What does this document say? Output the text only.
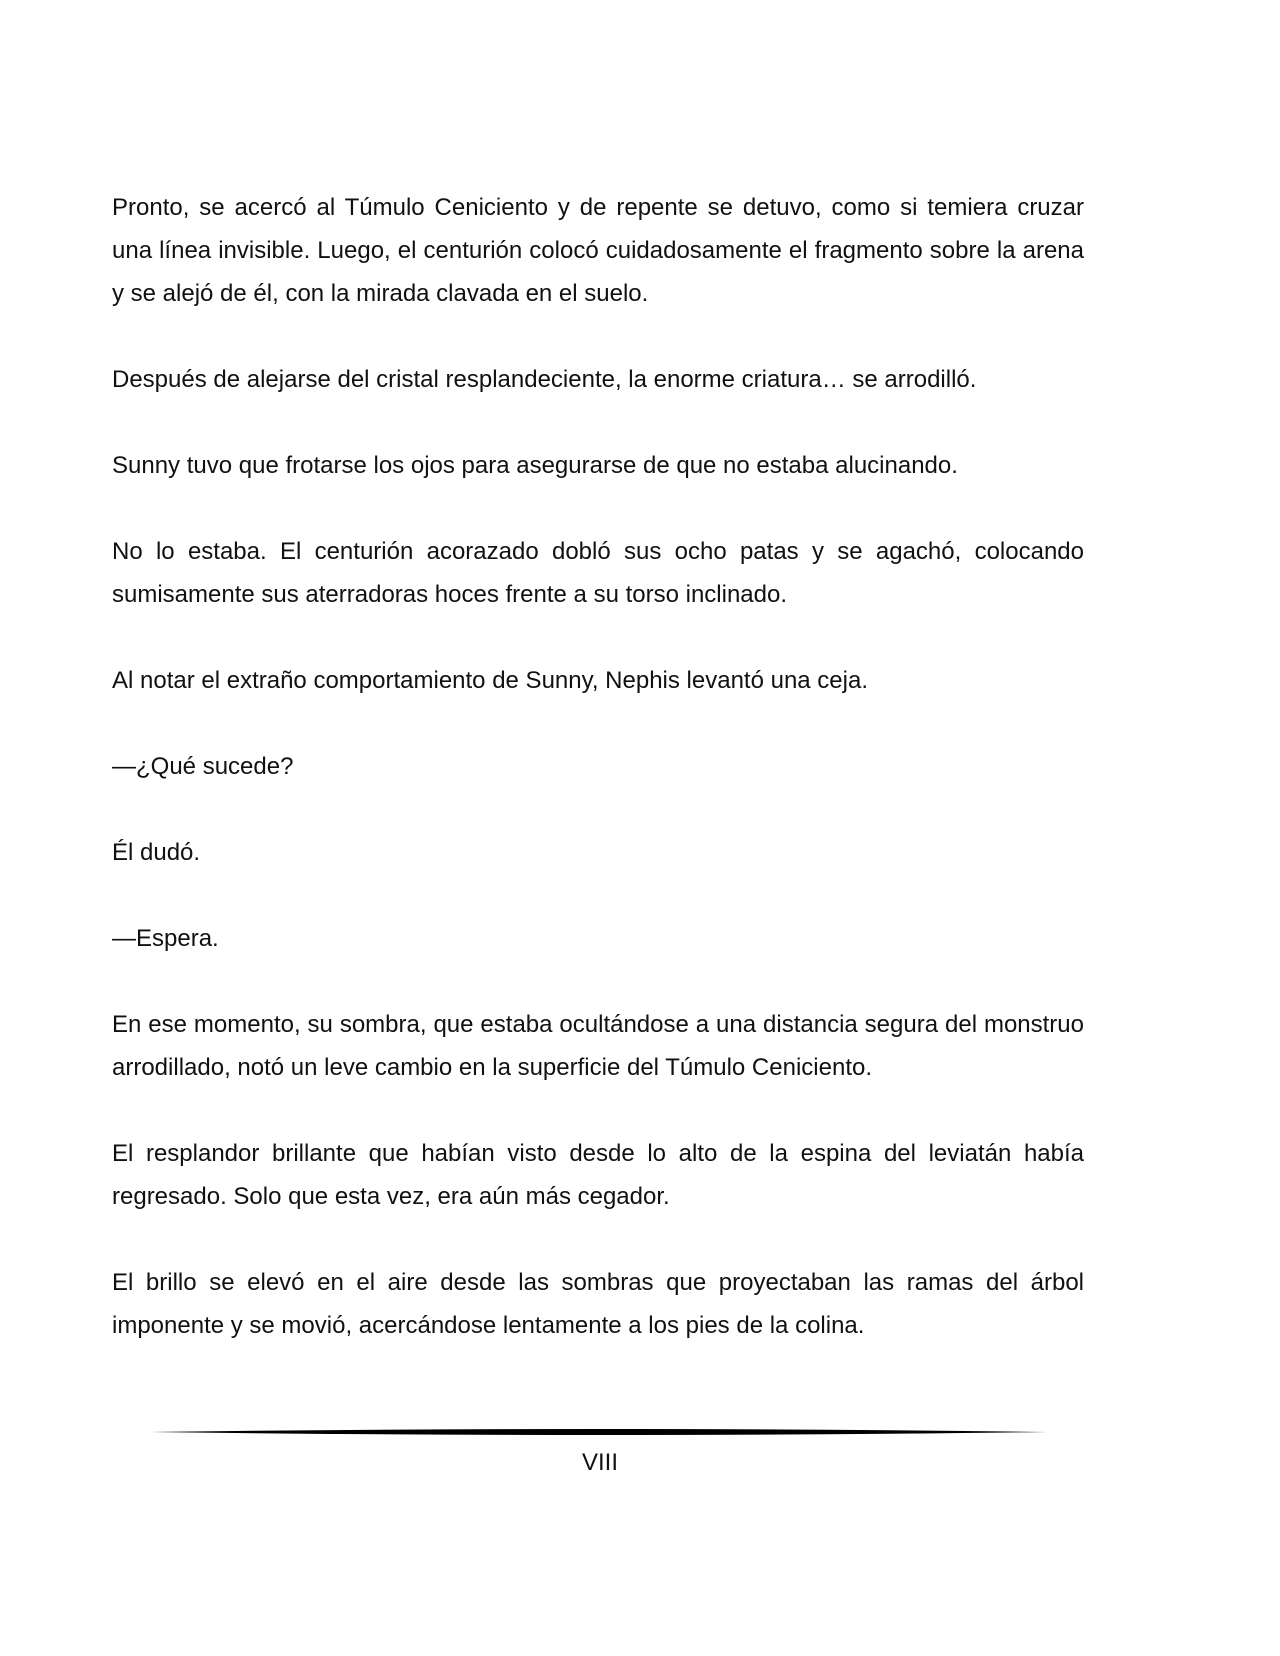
Pronto, se acercó al Túmulo Ceniciento y de repente se detuvo, como si temiera cruzar una línea invisible. Luego, el centurión colocó cuidadosamente el fragmento sobre la arena y se alejó de él, con la mirada clavada en el suelo.

Después de alejarse del cristal resplandeciente, la enorme criatura… se arrodilló.

Sunny tuvo que frotarse los ojos para asegurarse de que no estaba alucinando.

No lo estaba. El centurión acorazado dobló sus ocho patas y se agachó, colocando sumisamente sus aterradoras hoces frente a su torso inclinado.

Al notar el extraño comportamiento de Sunny, Nephis levantó una ceja.

—¿Qué sucede?

Él dudó.

—Espera.

En ese momento, su sombra, que estaba ocultándose a una distancia segura del monstruo arrodillado, notó un leve cambio en la superficie del Túmulo Ceniciento.

El resplandor brillante que habían visto desde lo alto de la espina del leviatán había regresado. Solo que esta vez, era aún más cegador.

El brillo se elevó en el aire desde las sombras que proyectaban las ramas del árbol imponente y se movió, acercándose lentamente a los pies de la colina.

VIII
